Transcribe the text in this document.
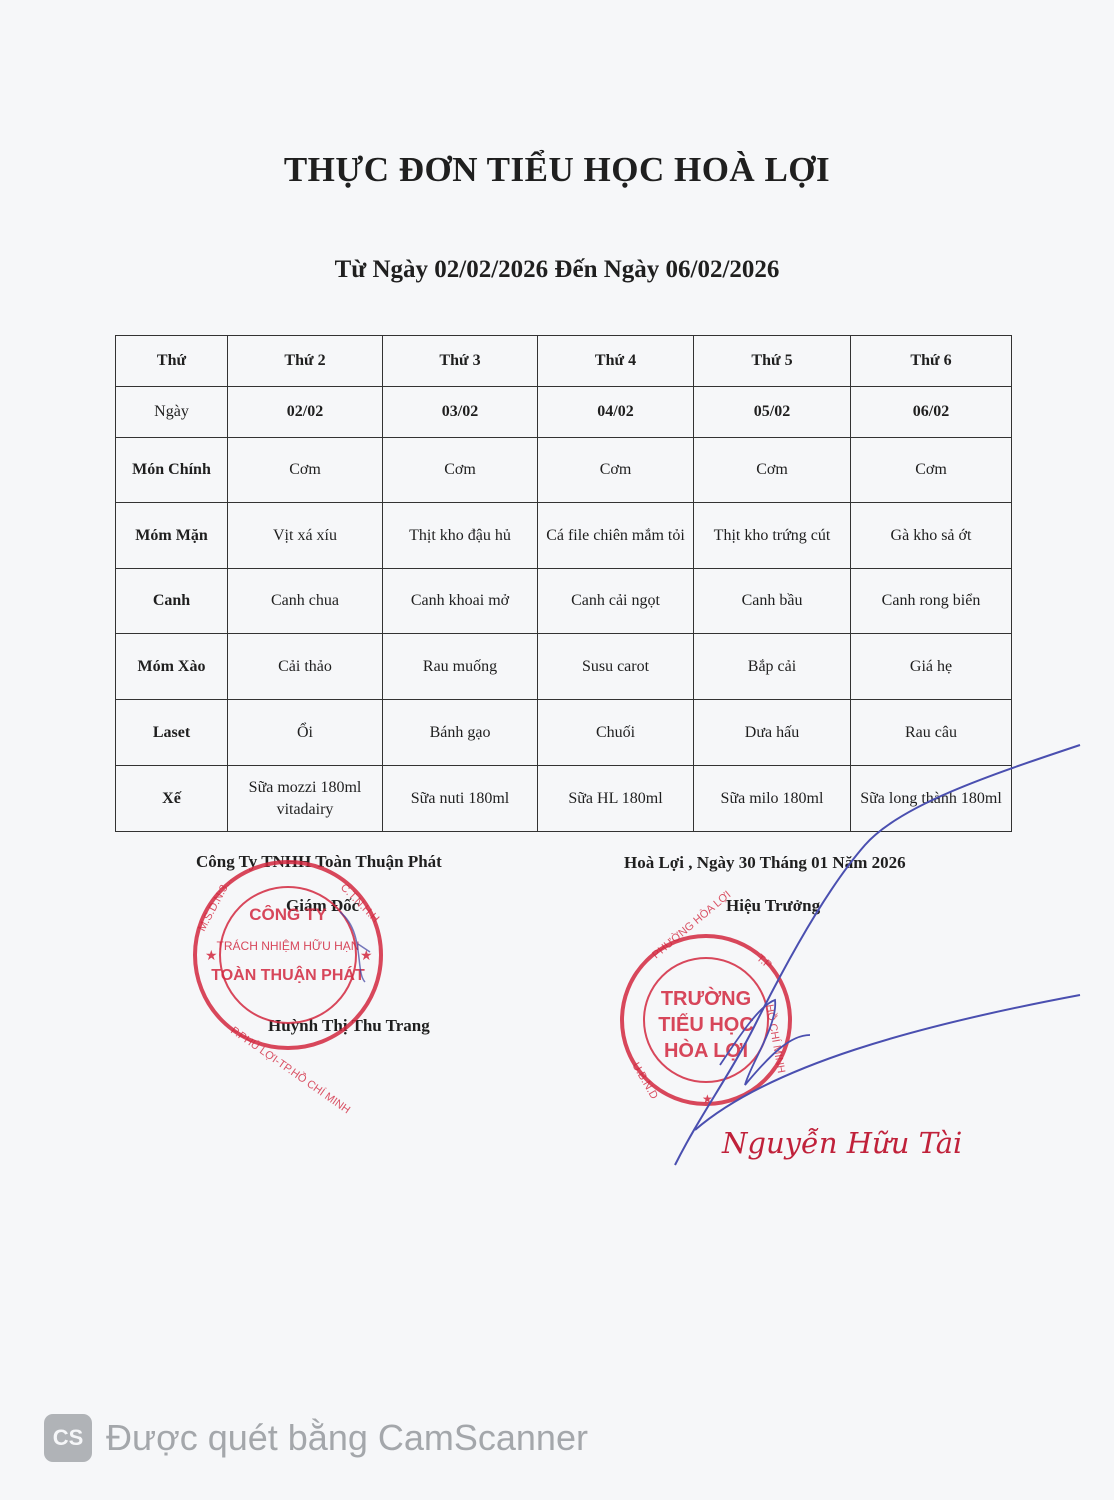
THỰC ĐƠN TIỂU HỌC HOÀ LỢI
Từ Ngày 02/02/2026 Đến Ngày 06/02/2026
Thứ	Thứ 2	Thứ 3	Thứ 4	Thứ 5	Thứ 6
Ngày	02/02	03/02	04/02	05/02	06/02
Món Chính	Cơm	Cơm	Cơm	Cơm	Cơm
Móm Mặn	Vịt xá xíu	Thịt kho đậu hủ	Cá file chiên mắm tỏi	Thịt kho trứng cút	Gà kho sả ớt
Canh	Canh chua	Canh khoai mở	Canh cải ngọt	Canh bầu	Canh rong biển
Móm Xào	Cải thảo	Rau muống	Susu carot	Bắp cải	Giá hẹ
Laset	Ổi	Bánh gạo	Chuối	Dưa hấu	Rau câu
Xế	Sữa mozzi 180ml vitadairy	Sữa nuti 180ml	Sữa HL 180ml	Sữa milo 180ml	Sữa long thành 180ml
Công Ty TNHH Toàn Thuận Phát
Giám Đốc
Huỳnh Thị Thu Trang
Hoà Lợi , Ngày 30 Tháng 01 Năm 2026
Hiệu Trưởng
★	★
CÔNG TY
TRÁCH NHIỆM HỮU HẠN
TOÀN THUẬN PHÁT
M.S.D.N:3...	C.T.N.H.H
P.PHÚ LỢI-TP.HỒ CHÍ MINH
TRƯỜNG
TIỂU HỌC
HÒA LỢI
PHƯỜNG HÒA LỢI
T.P
U.B.N.D
HỒ CHÍ MINH
★
Nguyễn Hữu Tài
CS Được quét bằng CamScanner
